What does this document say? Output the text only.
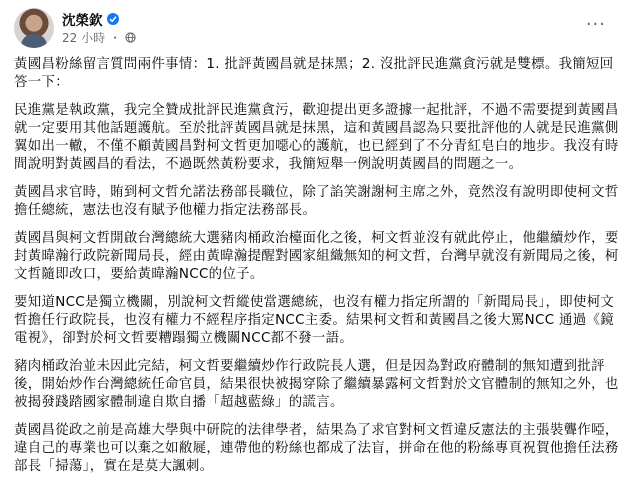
沈榮欽
22 小時 ・
···

黃國昌粉絲留言質問兩件事情：1. 批評黃國昌就是抹黑；2. 沒批評民進黨貪污就是雙標。我簡短回答一下：

民進黨是執政黨，我完全贊成批評民進黨貪污，歡迎提出更多證據一起批評，不過不需要提到黃國昌就一定要用其他話題護航。至於批評黃國昌就是抹黑，這和黃國昌認為只要批評他的人就是民進黨側翼如出一轍，不僅不顧黃國昌對柯文哲更加噁心的護航，也已經到了不分青紅皂白的地步。我沒有時間說明對黃國昌的看法，不過既然黃粉要求，我簡短舉一例說明黃國昌的問題之一。

黃國昌求官時，賄到柯文哲允諾法務部長職位，除了諂笑謝謝柯主席之外，竟然沒有說明即使柯文哲擔任總統，憲法也沒有賦予他權力指定法務部長。

黃國昌與柯文哲開啟台灣總統大選豬肉桶政治檯面化之後，柯文哲並沒有就此停止，他繼續炒作，要封黃暐瀚行政院新聞局長，經由黃暐瀚提醒對國家組織無知的柯文哲，台灣早就沒有新聞局之後，柯文哲隨即改口，要給黃暐瀚NCC的位子。

要知道NCC是獨立機關，別說柯文哲縱使當選總統，也沒有權力指定所謂的「新聞局長」，即使柯文哲擔任行政院長，也沒有權力不經程序指定NCC主委。結果柯文哲和黃國昌之後大罵NCC 通過《鏡電視》，卻對於柯文哲要糟蹋獨立機關NCC都不發一語。

豬肉桶政治並未因此完結，柯文哲要繼續炒作行政院長人選，但是因為對政府體制的無知遭到批評後，開始炒作台灣總統任命官員，結果很快被揭穿除了繼續暴露柯文哲對於文官體制的無知之外，也被揭發踐踏國家體制違自欺自播「超越藍綠」的謊言。

黃國昌從政之前是高雄大學與中研院的法律學者，結果為了求官對柯文哲違反憲法的主張裝聾作啞，違自己的專業也可以棄之如敝屣，連帶他的粉絲也都成了法盲，拼命在他的粉絲專頁祝賀他擔任法務部長「掃蕩」，實在是莫大諷刺。
